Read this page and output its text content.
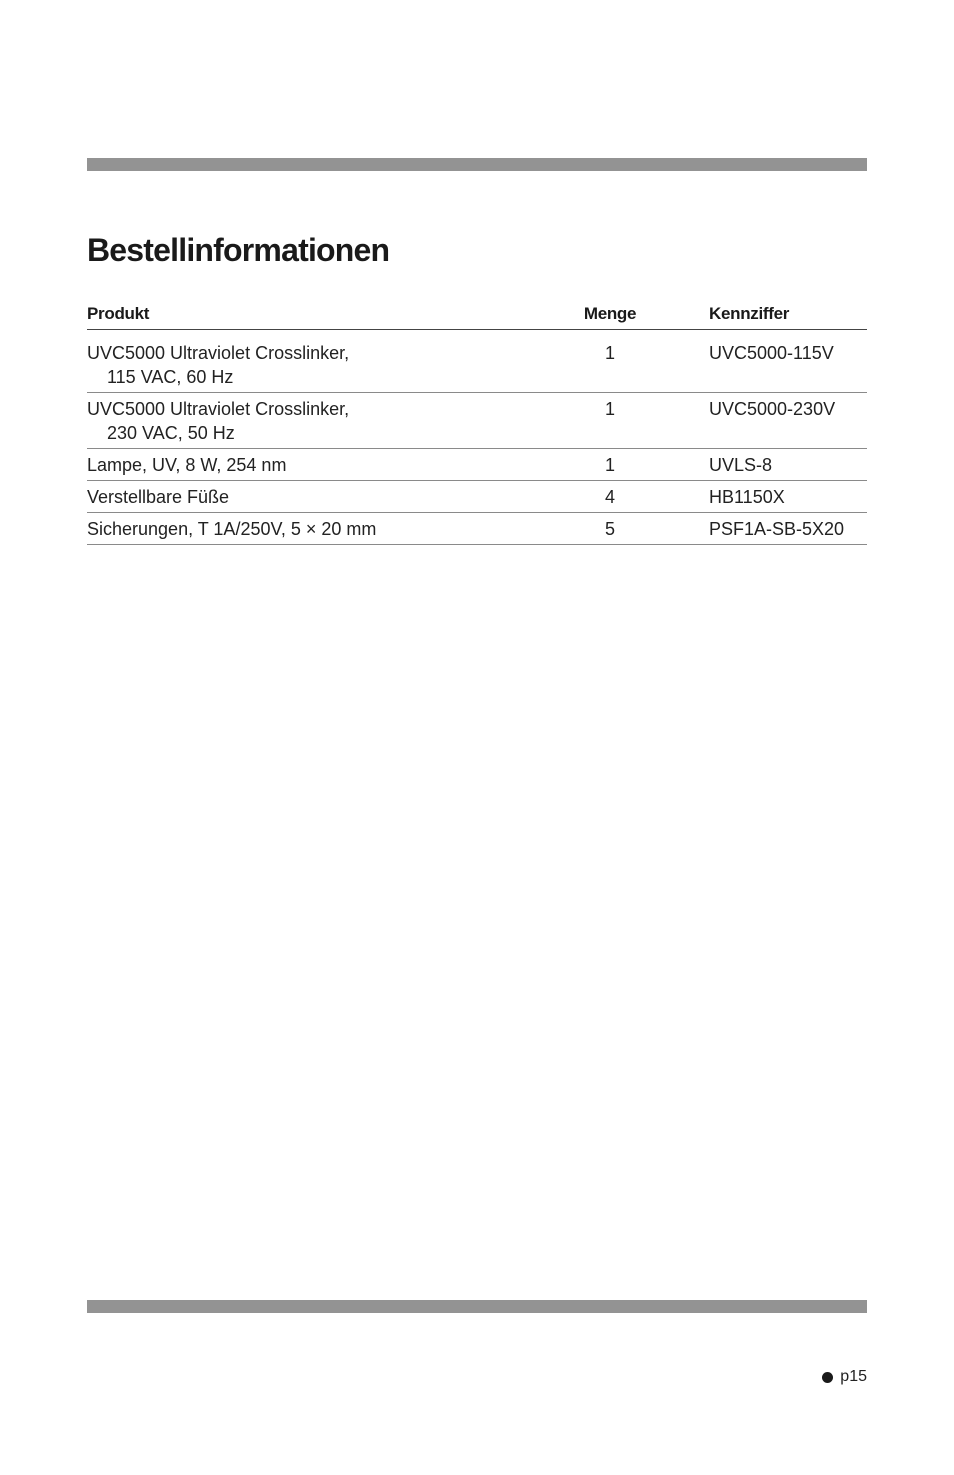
Bestellinformationen
Produkt	Menge	Kennziffer
UVC5000 Ultraviolet Crosslinker,
115 VAC, 60 Hz	1	UVC5000-115V
UVC5000 Ultraviolet Crosslinker,
230 VAC, 50 Hz	1	UVC5000-230V
Lampe, UV, 8 W, 254 nm	1	UVLS-8
Verstellbare Füße	4	HB1150X
Sicherungen, T 1A/250V, 5 × 20 mm	5	PSF1A-SB-5X20
p15
